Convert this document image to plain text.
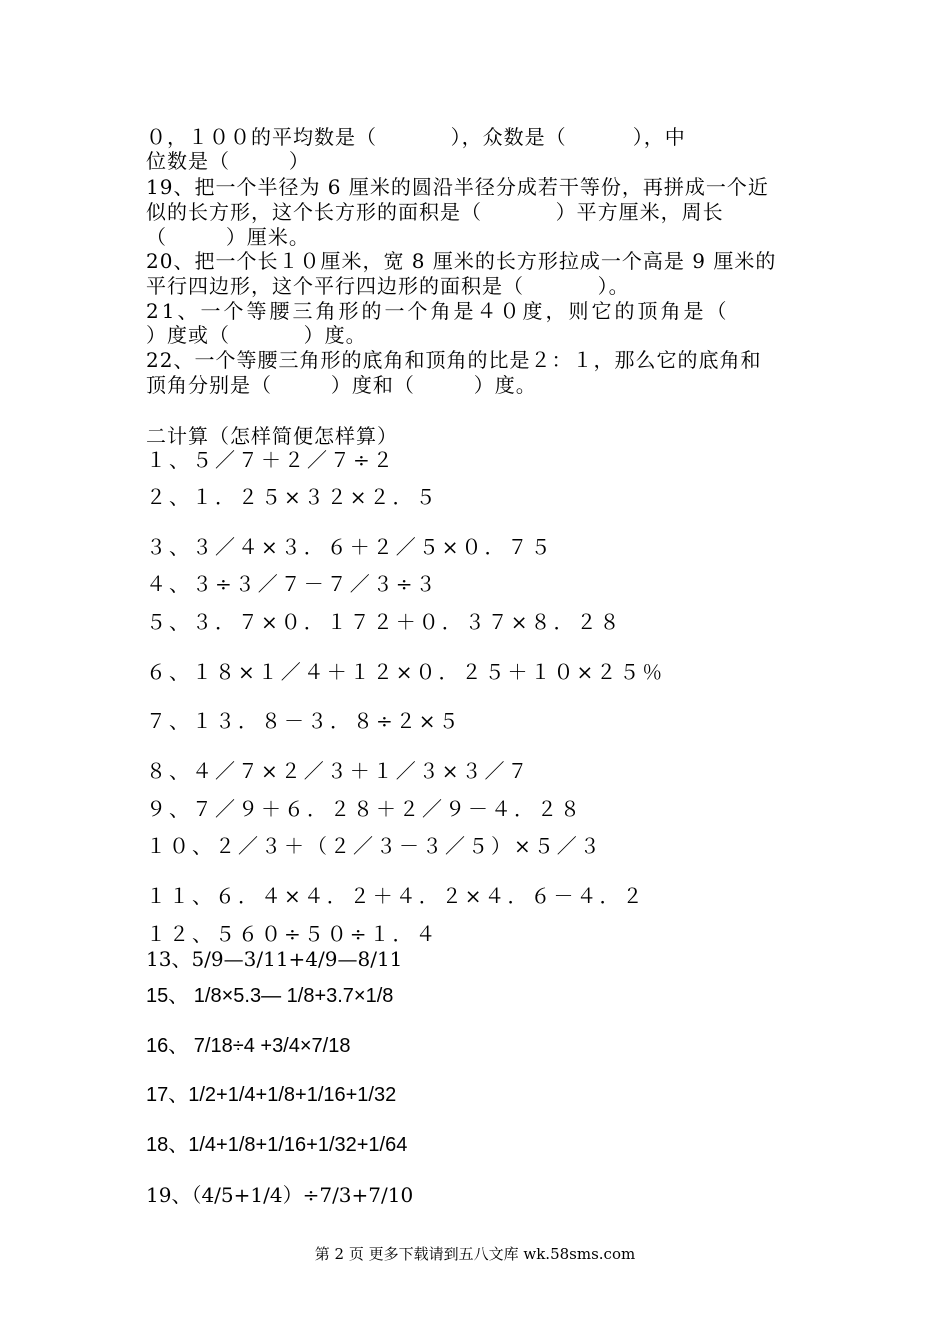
０，１００的平均数是（          ），众数是（         ），中
位数是（        ）
19、把一个半径为 6 厘米的圆沿半径分成若干等份，再拼成一个近
似的长方形，这个长方形的面积是（          ）平方厘米，周长
（        ）厘米。
20、把一个长１０厘米，宽 8 厘米的长方形拉成一个高是 9 厘米的
平行四边形，这个平行四边形的面积是（          ）。
21、一个等腰三角形的一个角是４０度，则它的顶角是（
）度或（          ）度。
22、一个等腰三角形的底角和顶角的比是２：１，那么它的底角和
顶角分别是（        ）度和（        ）度。
二计算（怎样简便怎样算）
１、５／７＋２／７÷２
２、１．２５×３２×２．５
３、３／４×３．６＋２／５×０．７５
４、３÷３／７－７／３÷３
５、３．７×０．１７２＋０．３７×８．２８
６、１８×１／４＋１２×０．２５＋１０×２５％
７、１３．８－３．８÷２×５
８、４／７×２／３＋１／３×３／７
９、７／９＋６．２８＋２／９－４．２８
１０、２／３＋（２／３－３／５）×５／３
１１、６．４×４．２＋４．２×４．６－４．２
１２、５６０÷５０÷１．４
13、5/9—3/11+4/9—8/11
15、 1/8×5.3— 1/8+3.7×1/8
16、 7/18÷4 +3/4×7/18
17、1/2+1/4+1/8+1/16+1/32
18、1/4+1/8+1/16+1/32+1/64
19、（4/5+1/4）÷7/3+7/10
第 2 页 更多下载请到五八文库 wk.58sms.com
